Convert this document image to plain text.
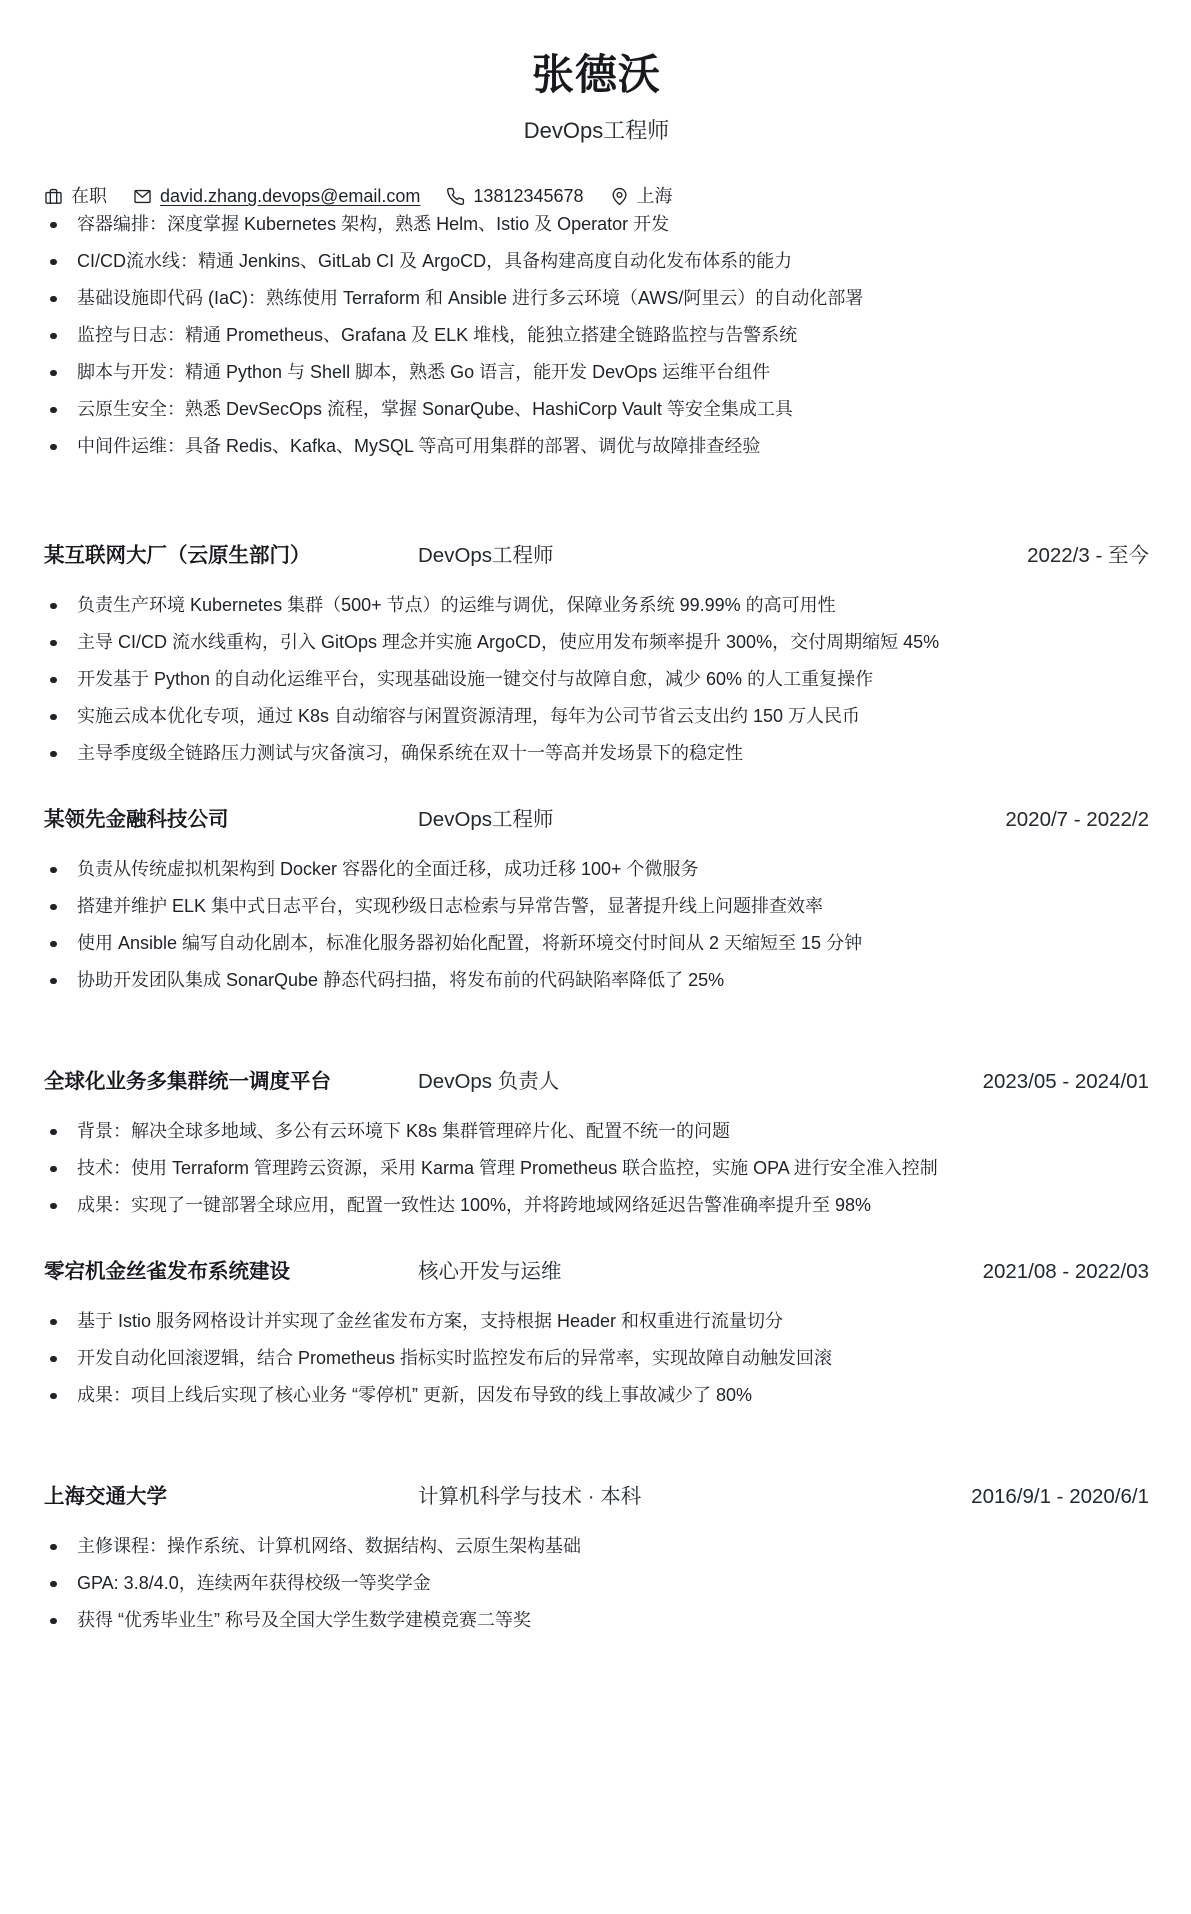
张德沃
DevOps工程师
在职	david.zhang.devops@email.com	13812345678	上海
容器编排：深度掌握 Kubernetes 架构，熟悉 Helm、Istio 及 Operator 开发
CI/CD流水线：精通 Jenkins、GitLab CI 及 ArgoCD，具备构建高度自动化发布体系的能力
基础设施即代码 (IaC)：熟练使用 Terraform 和 Ansible 进行多云环境（AWS/阿里云）的自动化部署
监控与日志：精通 Prometheus、Grafana 及 ELK 堆栈，能独立搭建全链路监控与告警系统
脚本与开发：精通 Python 与 Shell 脚本，熟悉 Go 语言，能开发 DevOps 运维平台组件
云原生安全：熟悉 DevSecOps 流程，掌握 SonarQube、HashiCorp Vault 等安全集成工具
中间件运维：具备 Redis、Kafka、MySQL 等高可用集群的部署、调优与故障排查经验
某互联网大厂（云原生部门）	DevOps工程师	2022/3 - 至今
负责生产环境 Kubernetes 集群（500+ 节点）的运维与调优，保障业务系统 99.99% 的高可用性
主导 CI/CD 流水线重构，引入 GitOps 理念并实施 ArgoCD，使应用发布频率提升 300%，交付周期缩短 45%
开发基于 Python 的自动化运维平台，实现基础设施一键交付与故障自愈，减少 60% 的人工重复操作
实施云成本优化专项，通过 K8s 自动缩容与闲置资源清理，每年为公司节省云支出约 150 万人民币
主导季度级全链路压力测试与灾备演习，确保系统在双十一等高并发场景下的稳定性
某领先金融科技公司	DevOps工程师	2020/7 - 2022/2
负责从传统虚拟机架构到 Docker 容器化的全面迁移，成功迁移 100+ 个微服务
搭建并维护 ELK 集中式日志平台，实现秒级日志检索与异常告警，显著提升线上问题排查效率
使用 Ansible 编写自动化剧本，标准化服务器初始化配置，将新环境交付时间从 2 天缩短至 15 分钟
协助开发团队集成 SonarQube 静态代码扫描，将发布前的代码缺陷率降低了 25%
全球化业务多集群统一调度平台	DevOps 负责人	2023/05 - 2024/01
背景：解决全球多地域、多公有云环境下 K8s 集群管理碎片化、配置不统一的问题
技术：使用 Terraform 管理跨云资源，采用 Karma 管理 Prometheus 联合监控，实施 OPA 进行安全准入控制
成果：实现了一键部署全球应用，配置一致性达 100%，并将跨地域网络延迟告警准确率提升至 98%
零宕机金丝雀发布系统建设	核心开发与运维	2021/08 - 2022/03
基于 Istio 服务网格设计并实现了金丝雀发布方案，支持根据 Header 和权重进行流量切分
开发自动化回滚逻辑，结合 Prometheus 指标实时监控发布后的异常率，实现故障自动触发回滚
成果：项目上线后实现了核心业务 “零停机” 更新，因发布导致的线上事故减少了 80%
上海交通大学	计算机科学与技术 · 本科	2016/9/1 - 2020/6/1
主修课程：操作系统、计算机网络、数据结构、云原生架构基础
GPA: 3.8/4.0，连续两年获得校级一等奖学金
获得 “优秀毕业生” 称号及全国大学生数学建模竞赛二等奖
